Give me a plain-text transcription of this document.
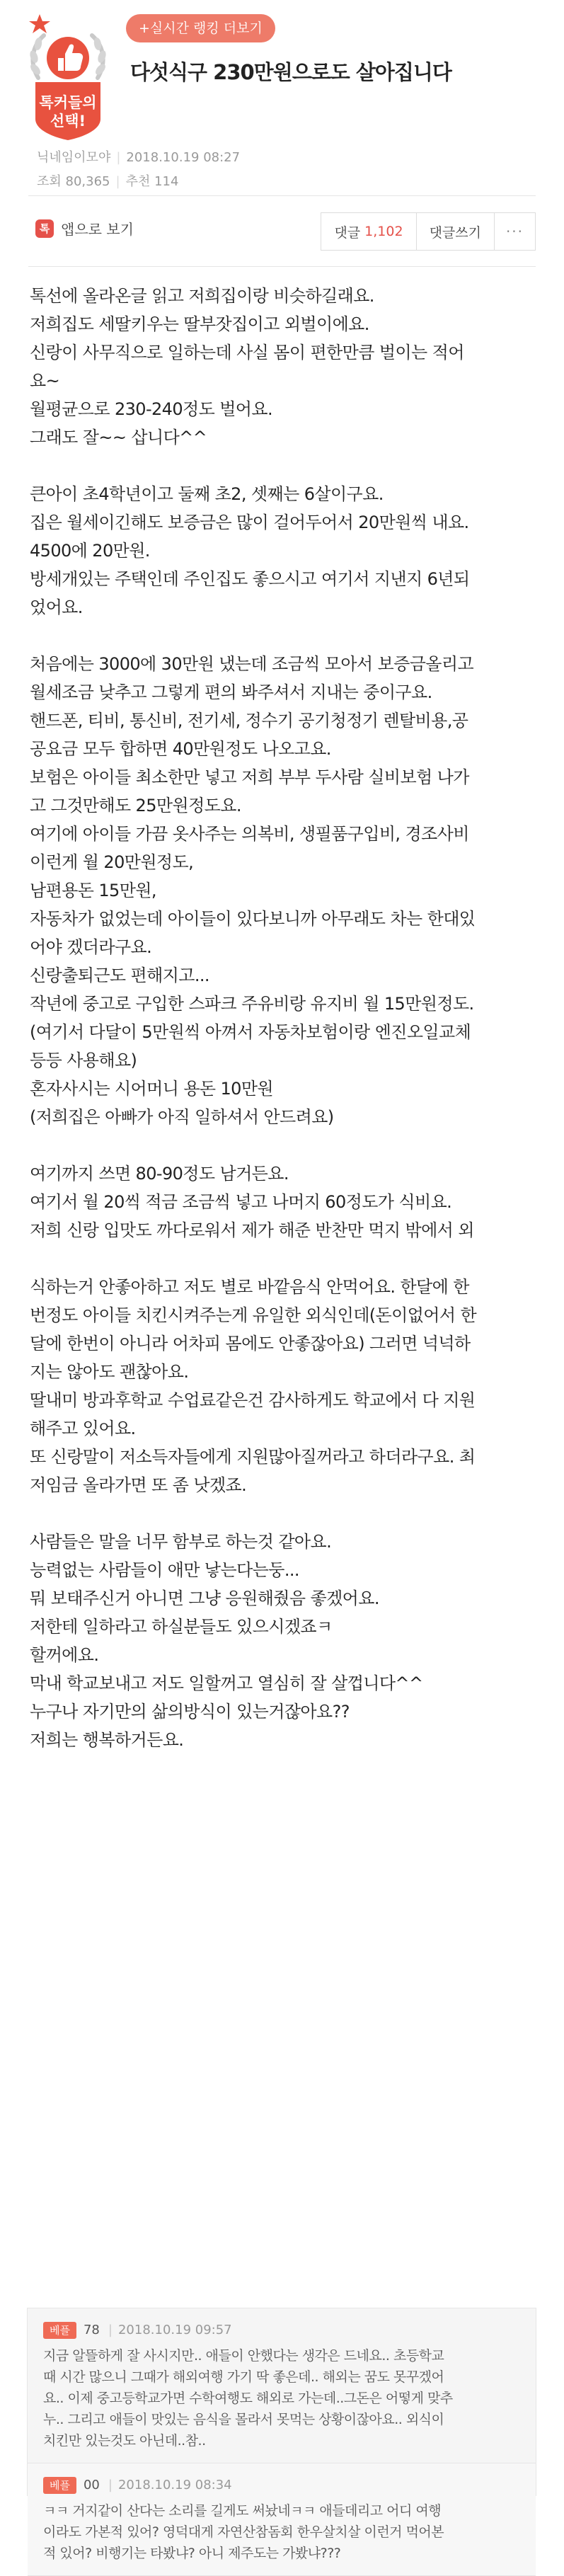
톡커들의
선택!
+실시간 랭킹 더보기
다섯식구 230만원으로도 살아집니다
닉네임이모야 | 2018.10.19 08:27
조회 80,365 | 추천 114
톡 앱으로 보기	댓글 1,102	댓글쓰기	···
톡선에 올라온글 읽고 저희집이랑 비슷하길래요.
저희집도 세딸키우는 딸부잣집이고 외벌이에요.
신랑이 사무직으로 일하는데 사실 몸이 편한만큼 벌이는 적어
요~
월평균으로 230-240정도 벌어요.
그래도 잘~~ 삽니다^^
큰아이 초4학년이고 둘째 초2, 셋째는 6살이구요.
집은 월세이긴해도 보증금은 많이 걸어두어서 20만원씩 내요.
4500에 20만원.
방세개있는 주택인데 주인집도 좋으시고 여기서 지낸지 6년되
었어요.
처음에는 3000에 30만원 냈는데 조금씩 모아서 보증금올리고
월세조금 낮추고 그렇게 편의 봐주셔서 지내는 중이구요.
핸드폰, 티비, 통신비, 전기세, 정수기 공기청정기 렌탈비용,공
공요금 모두 합하면 40만원정도 나오고요.
보험은 아이들 최소한만 넣고 저희 부부 두사람 실비보험 나가
고 그것만해도 25만원정도요.
여기에 아이들 가끔 옷사주는 의복비, 생필품구입비, 경조사비
이런게 월 20만원정도,
남편용돈 15만원,
자동차가 없었는데 아이들이 있다보니까 아무래도 차는 한대있
어야 겠더라구요.
신랑출퇴근도 편해지고...
작년에 중고로 구입한 스파크 주유비랑 유지비 월 15만원정도.
(여기서 다달이 5만원씩 아껴서 자동차보험이랑 엔진오일교체
등등 사용해요)
혼자사시는 시어머니 용돈 10만원
(저희집은 아빠가 아직 일하셔서 안드려요)
여기까지 쓰면 80-90정도 남거든요.
여기서 월 20씩 적금 조금씩 넣고 나머지 60정도가 식비요.
저희 신랑 입맛도 까다로워서 제가 해준 반찬만 먹지 밖에서 외

식하는거 안좋아하고 저도 별로 바깥음식 안먹어요. 한달에 한
번정도 아이들 치킨시켜주는게 유일한 외식인데(돈이없어서 한
달에 한번이 아니라 어차피 몸에도 안좋잖아요) 그러면 넉넉하
지는 않아도 괜찮아요.
딸내미 방과후학교 수업료같은건 감사하게도 학교에서 다 지원
해주고 있어요.
또 신랑말이 저소득자들에게 지원많아질꺼라고 하더라구요. 최
저임금 올라가면 또 좀 낫겠죠.
사람들은 말을 너무 함부로 하는것 같아요.
능력없는 사람들이 애만 낳는다는둥...
뭐 보태주신거 아니면 그냥 응원해줬음 좋겠어요.
저한테 일하라고 하실분들도 있으시겠죠ㅋ
할꺼에요.
막내 학교보내고 저도 일할꺼고 열심히 잘 살껍니다^^
누구나 자기만의 삶의방식이 있는거잖아요??
저희는 행복하거든요.
베플	78 | 2018.10.19 09:57
지금 알뜰하게 잘 사시지만.. 애들이 안했다는 생각은 드네요.. 초등학교
때 시간 많으니 그때가 해외여행 가기 딱 좋은데.. 해외는 꿈도 못꾸겠어
요.. 이제 중고등학교가면 수학여행도 해외로 가는데..그돈은 어떻게 맞추
누.. 그리고 애들이 맛있는 음식을 몰라서 못먹는 상황이잖아요.. 외식이
치킨만 있는것도 아닌데..참..
베플	00 | 2018.10.19 08:34
ㅋㅋ 거지같이 산다는 소리를 길게도 써놨네ㅋㅋ 애들데리고 어디 여행
이라도 가본적 있어? 영덕대게 자연산참돔회 한우살치살 이런거 먹어본
적 있어? 비행기는 타봤냐? 아니 제주도는 가봤냐???
